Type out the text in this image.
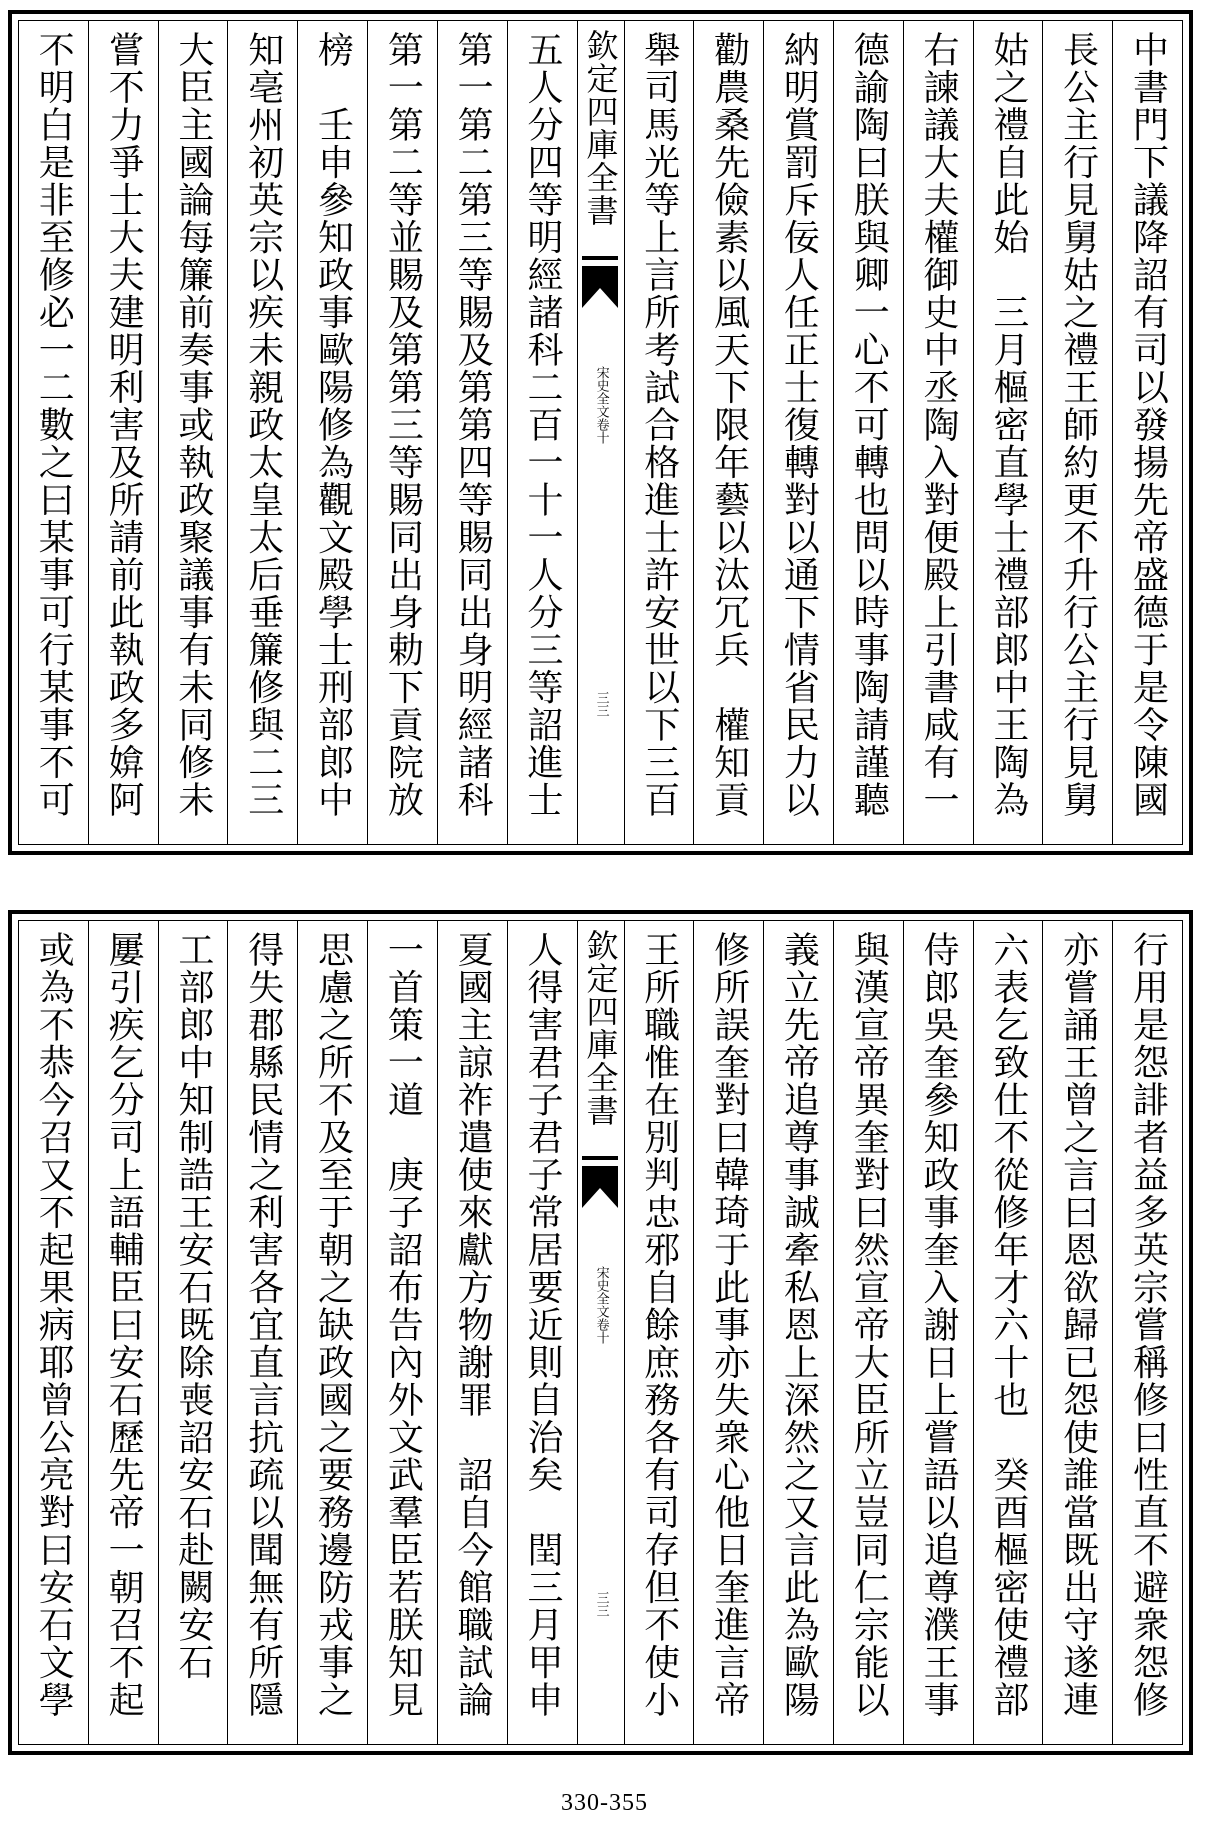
中書門下議降詔有司以發揚先帝盛德于是令陳國
長公主行見舅姑之禮王師約更不升行公主行見舅
姑之禮自此始　三月樞密直學士禮部郎中王陶為
右諫議大夫權御史中丞陶入對便殿上引書咸有一
德諭陶曰朕與卿一心不可轉也問以時事陶請謹聽
納明賞罰斥佞人任正士復轉對以通下情省民力以
勸農桑先儉素以風天下限年藝以汰冗兵　權知貢
舉司馬光等上言所考試合格進士許安世以下三百
欽定四庫全書
宋史全文卷十
三三
五人分四等明經諸科二百一十一人分三等詔進士
第一第二第三等賜及第第四等賜同出身明經諸科
第一第二等並賜及第第三等賜同出身勅下貢院放
榜　壬申參知政事歐陽修為觀文殿學士刑部郎中
知亳州初英宗以疾未親政太皇太后垂簾修與二三
大臣主國論每簾前奏事或執政聚議事有未同修未
嘗不力爭士大夫建明利害及所請前此執政多媕阿
不明白是非至修必一二數之曰某事可行某事不可
行用是怨誹者益多英宗嘗稱修曰性直不避衆怨修
亦嘗誦王曾之言曰恩欲歸已怨使誰當既出守遂連
六表乞致仕不從修年才六十也　癸酉樞密使禮部
侍郎吳奎參知政事奎入謝日上嘗語以追尊濮王事
與漢宣帝異奎對曰然宣帝大臣所立豈同仁宗能以
義立先帝追尊事誠牽私恩上深然之又言此為歐陽
修所誤奎對曰韓琦于此事亦失衆心他日奎進言帝
王所職惟在別判忠邪自餘庶務各有司存但不使小
欽定四庫全書
宋史全文卷十
三三
人得害君子君子常居要近則自治矣　閏三月甲申
夏國主諒祚遣使來獻方物謝罪　詔自今館職試論
一首策一道　庚子詔布告內外文武羣臣若朕知見
思慮之所不及至于朝之缺政國之要務邊防戎事之
得失郡縣民情之利害各宜直言抗疏以聞無有所隱
工部郎中知制誥王安石既除喪詔安石赴闕安石
屢引疾乞分司上語輔臣曰安石歷先帝一朝召不起
或為不恭今召又不起果病耶曾公亮對曰安石文學
330-355
